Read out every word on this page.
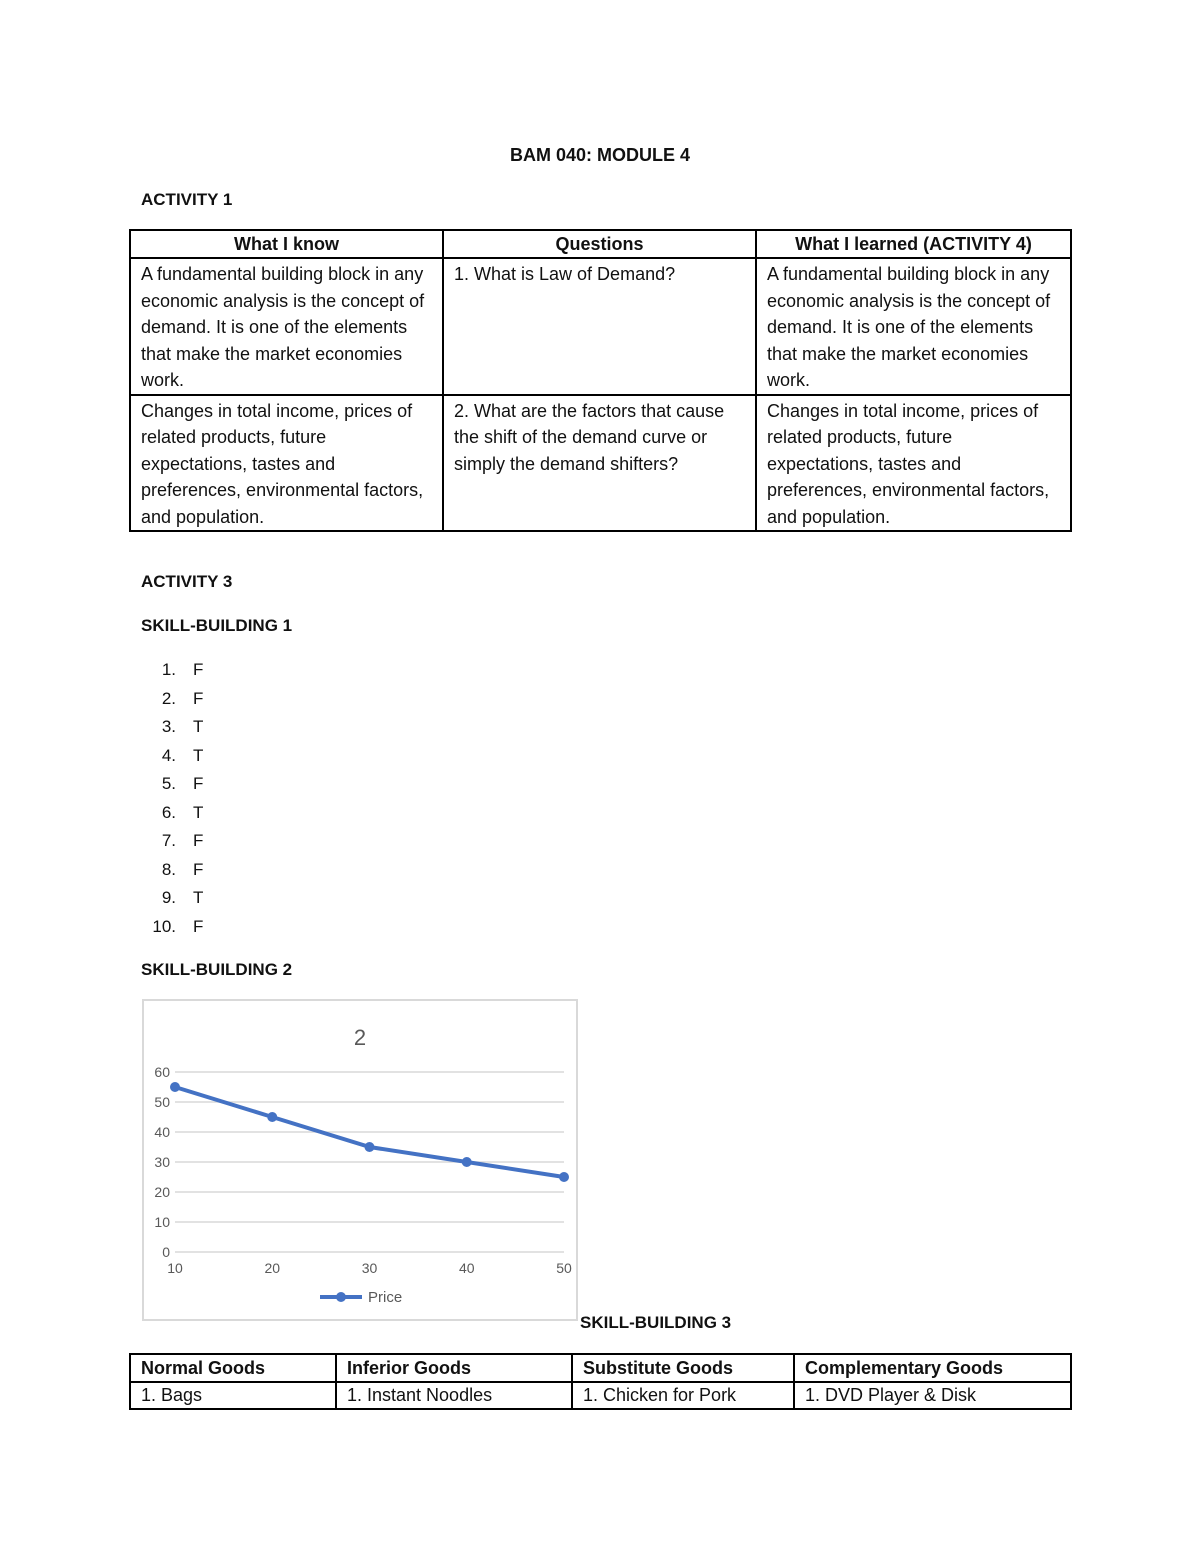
BAM 040: MODULE 4
ACTIVITY 1
What I know	Questions	What I learned (ACTIVITY 4)
A fundamental building block in any economic analysis is the concept of demand. It is one of the elements that make the market economies work.	1. What is Law of Demand?	A fundamental building block in any economic analysis is the concept of demand. It is one of the elements that make the market economies work.
Changes in total income, prices of related products, future expectations, tastes and preferences, environmental factors, and population.	2. What are the factors that cause the shift of the demand curve or simply the demand shifters?	Changes in total income, prices of related products, future expectations, tastes and preferences, environmental factors, and population.
ACTIVITY 3
SKILL-BUILDING 1
1. F
2. F
3. T
4. T
5. F
6. T
7. F
8. F
9. T
10. F
SKILL-BUILDING 2
2
0
10
20
30
40
50
60
10	20	30	40	50
Price
SKILL-BUILDING 3
Normal Goods	Inferior Goods	Substitute Goods	Complementary Goods
1. Bags	1. Instant Noodles	1. Chicken for Pork	1. DVD Player & Disk
